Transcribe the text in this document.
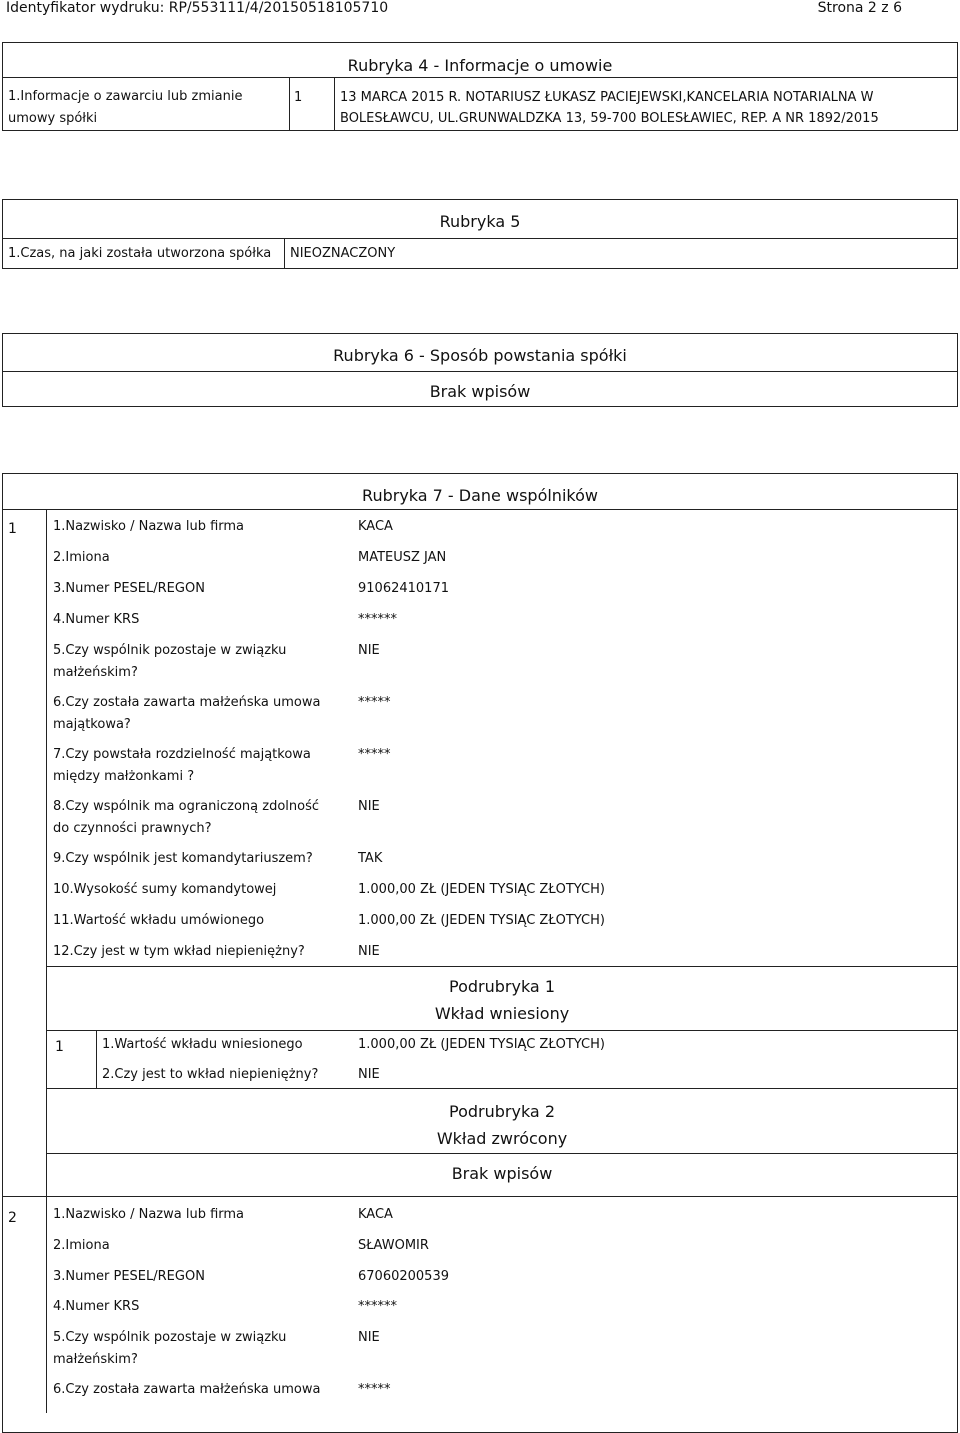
Identyfikator wydruku: RP/553111/4/20150518105710	Strona 2 z 6
Rubryka 4 - Informacje o umowie
1.Informacje o zawarciu lub zmianie umowy spółki
1	13 MARCA 2015 R. NOTARIUSZ ŁUKASZ PACIEJEWSKI,KANCELARIA NOTARIALNA W
BOLESŁAWCU, UL.GRUNWALDZKA 13, 59-700 BOLESŁAWIEC, REP. A NR 1892/2015
Rubryka 5
1.Czas, na jaki została utworzona spółka NIEOZNACZONY
Rubryka 6 - Sposób powstania spółki
Brak wpisów
Rubryka 7 - Dane wspólników
1	1.Nazwisko / Nazwa lub firma	KACA
2.Imiona	MATEUSZ JAN
3.Numer PESEL/REGON	91062410171
4.Numer KRS	******
5.Czy wspólnik pozostaje w związku małżeńskim?
NIE
6.Czy została zawarta małżeńska umowa majątkowa?
*****
7.Czy powstała rozdzielność majątkowa między małżonkami ?
*****
8.Czy wspólnik ma ograniczoną zdolność do czynności prawnych?
NIE
9.Czy wspólnik jest komandytariuszem?	TAK
10.Wysokość sumy komandytowej	1.000,00 ZŁ (JEDEN TYSIĄC ZŁOTYCH)
11.Wartość wkładu umówionego	1.000,00 ZŁ (JEDEN TYSIĄC ZŁOTYCH)
12.Czy jest w tym wkład niepieniężny?	NIE
Podrubryka 1
Wkład wniesiony
1	1.Wartość wkładu wniesionego	1.000,00 ZŁ (JEDEN TYSIĄC ZŁOTYCH)
2.Czy jest to wkład niepieniężny?	NIE
Podrubryka 2
Wkład zwrócony
Brak wpisów
2	1.Nazwisko / Nazwa lub firma	KACA
2.Imiona	SŁAWOMIR
3.Numer PESEL/REGON	67060200539
4.Numer KRS	******
5.Czy wspólnik pozostaje w związku małżeńskim?
NIE
6.Czy została zawarta małżeńska umowa	*****
